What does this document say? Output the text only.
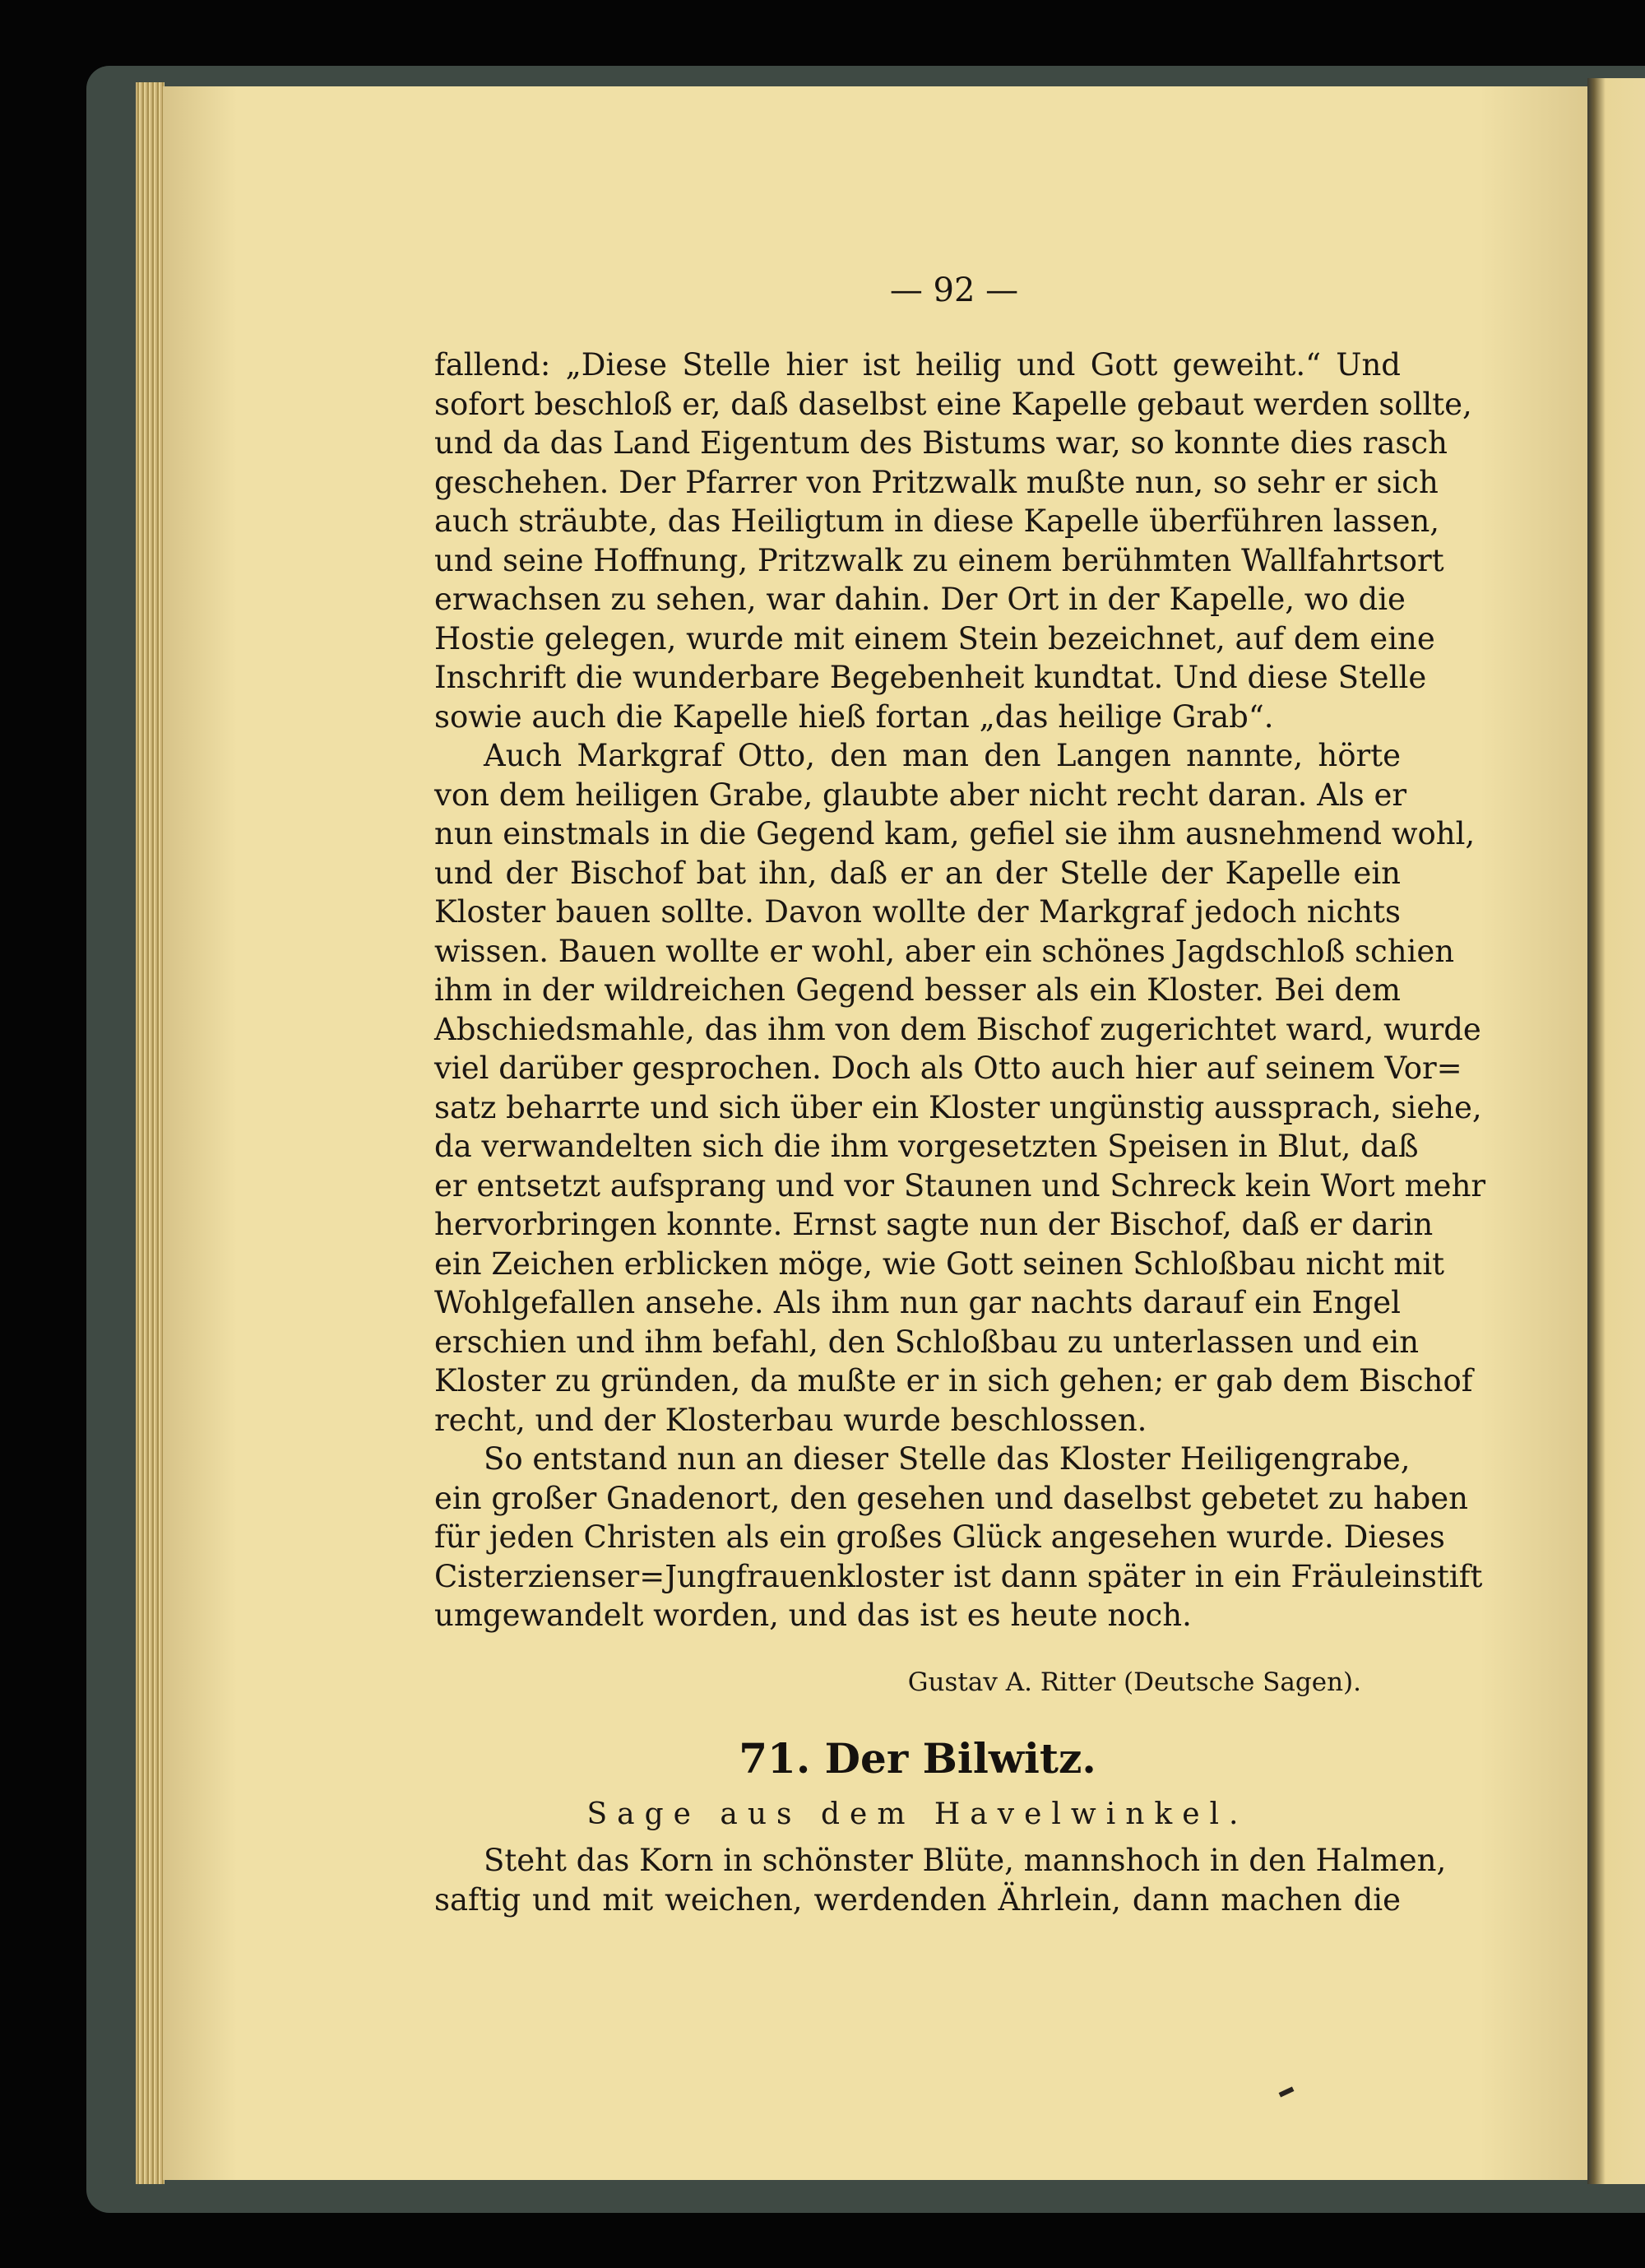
— 92 —
fallend: „Diese Stelle hier ist heilig und Gott geweiht.“ Und
sofort beschloß er, daß daselbst eine Kapelle gebaut werden sollte,
und da das Land Eigentum des Bistums war, so konnte dies rasch
geschehen. Der Pfarrer von Pritzwalk mußte nun, so sehr er sich
auch sträubte, das Heiligtum in diese Kapelle überführen lassen,
und seine Hoffnung, Pritzwalk zu einem berühmten Wallfahrtsort
erwachsen zu sehen, war dahin. Der Ort in der Kapelle, wo die
Hostie gelegen, wurde mit einem Stein bezeichnet, auf dem eine
Inschrift die wunderbare Begebenheit kundtat. Und diese Stelle
sowie auch die Kapelle hieß fortan „das heilige Grab“.
Auch Markgraf Otto, den man den Langen nannte, hörte
von dem heiligen Grabe, glaubte aber nicht recht daran. Als er
nun einstmals in die Gegend kam, gefiel sie ihm ausnehmend wohl,
und der Bischof bat ihn, daß er an der Stelle der Kapelle ein
Kloster bauen sollte. Davon wollte der Markgraf jedoch nichts
wissen. Bauen wollte er wohl, aber ein schönes Jagdschloß schien
ihm in der wildreichen Gegend besser als ein Kloster. Bei dem
Abschiedsmahle, das ihm von dem Bischof zugerichtet ward, wurde
viel darüber gesprochen. Doch als Otto auch hier auf seinem Vor=
satz beharrte und sich über ein Kloster ungünstig aussprach, siehe,
da verwandelten sich die ihm vorgesetzten Speisen in Blut, daß
er entsetzt aufsprang und vor Staunen und Schreck kein Wort mehr
hervorbringen konnte. Ernst sagte nun der Bischof, daß er darin
ein Zeichen erblicken möge, wie Gott seinen Schloßbau nicht mit
Wohlgefallen ansehe. Als ihm nun gar nachts darauf ein Engel
erschien und ihm befahl, den Schloßbau zu unterlassen und ein
Kloster zu gründen, da mußte er in sich gehen; er gab dem Bischof
recht, und der Klosterbau wurde beschlossen.
So entstand nun an dieser Stelle das Kloster Heiligengrabe,
ein großer Gnadenort, den gesehen und daselbst gebetet zu haben
für jeden Christen als ein großes Glück angesehen wurde. Dieses
Cisterzienser=Jungfrauenkloster ist dann später in ein Fräuleinstift
umgewandelt worden, und das ist es heute noch.
Gustav A. Ritter (Deutsche Sagen).
71. Der Bilwitz.
Sage aus dem Havelwinkel.
Steht das Korn in schönster Blüte, mannshoch in den Halmen,
saftig und mit weichen, werdenden Ährlein, dann machen die
